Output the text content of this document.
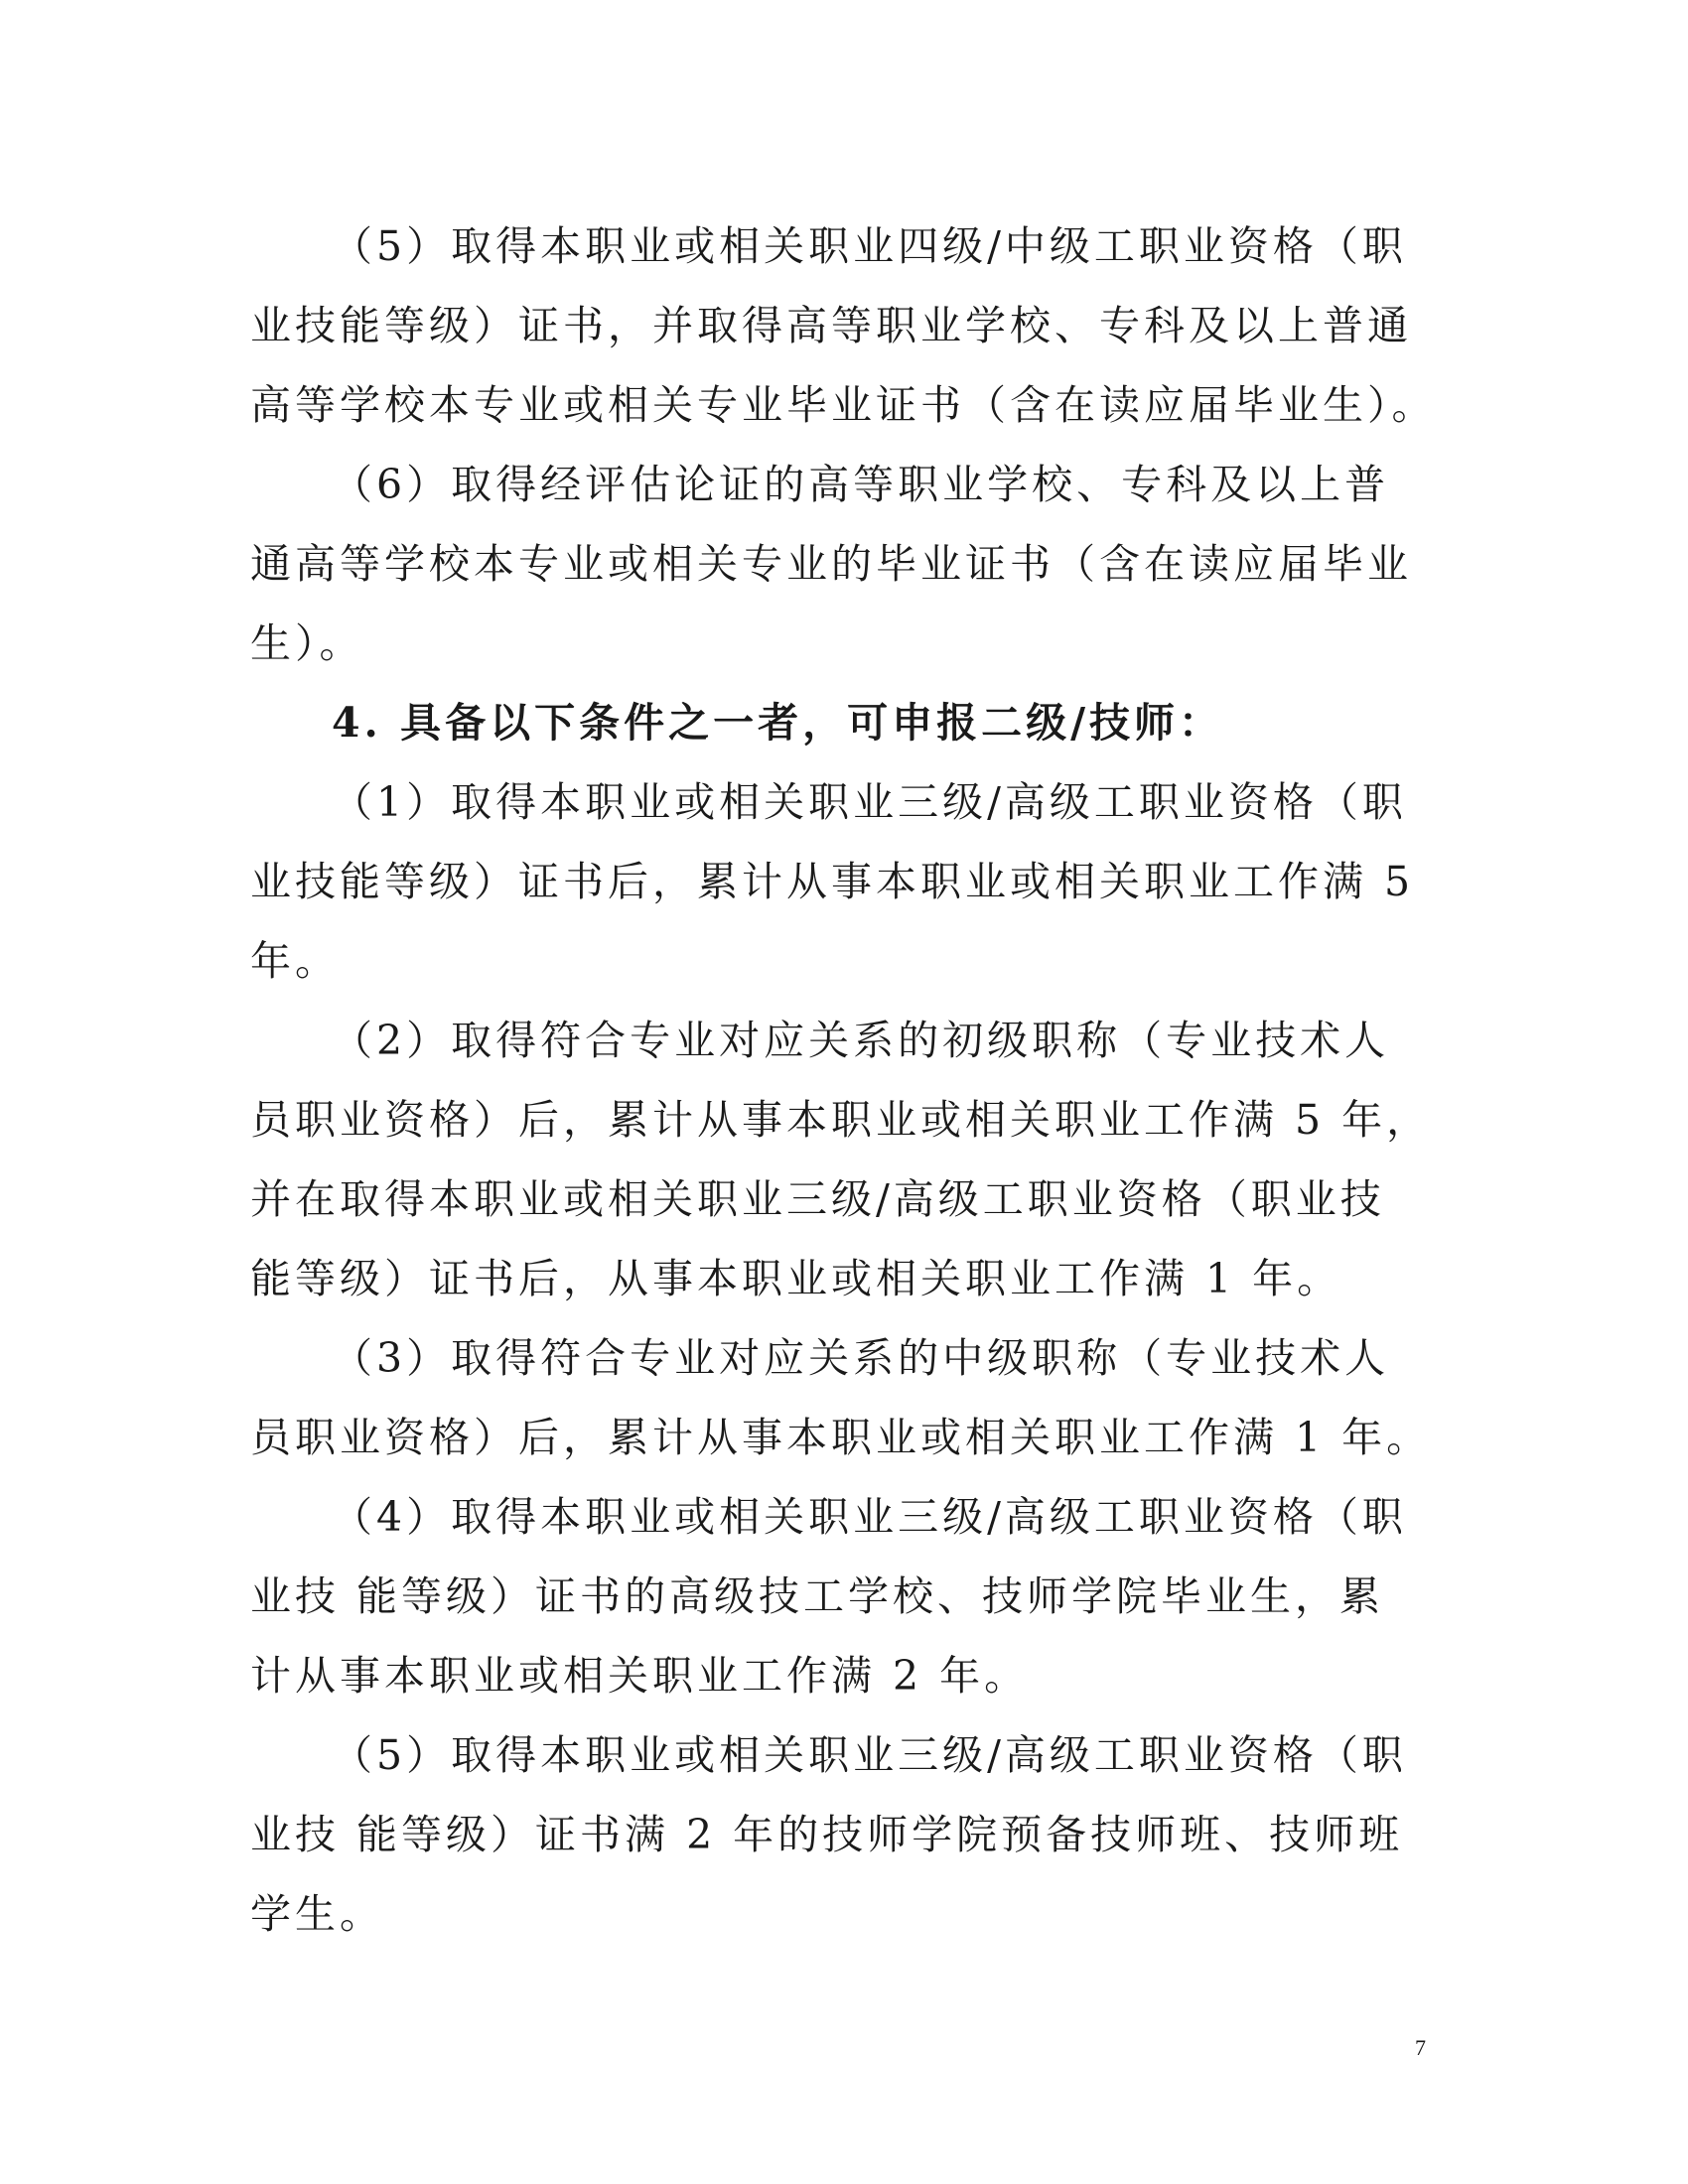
（5）取得本职业或相关职业四级/中级工职业资格（职
业技能等级）证书，并取得高等职业学校、专科及以上普通
高等学校本专业或相关专业毕业证书（含在读应届毕业生）。
（6）取得经评估论证的高等职业学校、专科及以上普
通高等学校本专业或相关专业的毕业证书（含在读应届毕业
生）。
4. 具备以下条件之一者，可申报二级/技师：
（1）取得本职业或相关职业三级/高级工职业资格（职
业技能等级）证书后，累计从事本职业或相关职业工作满 5
年。
（2）取得符合专业对应关系的初级职称（专业技术人
员职业资格）后，累计从事本职业或相关职业工作满 5 年，
并在取得本职业或相关职业三级/高级工职业资格（职业技
能等级）证书后，从事本职业或相关职业工作满 1 年。
（3）取得符合专业对应关系的中级职称（专业技术人
员职业资格）后，累计从事本职业或相关职业工作满 1 年。
（4）取得本职业或相关职业三级/高级工职业资格（职
业技 能等级）证书的高级技工学校、技师学院毕业生，累
计从事本职业或相关职业工作满 2 年。
（5）取得本职业或相关职业三级/高级工职业资格（职
业技 能等级）证书满 2 年的技师学院预备技师班、技师班
学生。
7
